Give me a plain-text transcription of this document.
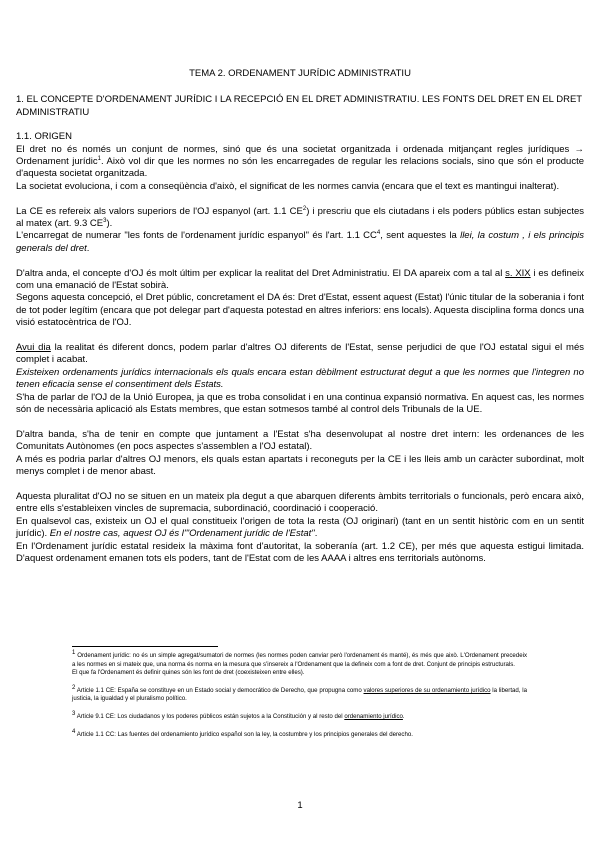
TEMA 2. ORDENAMENT JURÍDIC ADMINISTRATIU
1. EL CONCEPTE D'ORDENAMENT JURÍDIC I LA RECEPCIÓ EN EL DRET ADMINISTRATIU. LES FONTS DEL DRET EN EL DRET ADMINISTRATIU

1.1. ORIGEN

El dret no és només un conjunt de normes, sinó que és una societat organitzada i ordenada mitjançant regles jurídiques → Ordenament jurídic$^1$. Això vol dir que les normes no són les encarregades de regular les relacions socials, sino que són el producte d'aquesta societat organitzada.

La societat evoluciona, i com a conseqüència d'això, el significat de les normes canvia (encara que el text es mantingui inalterat).

La CE es refereix als valors superiors de l'OJ espanyol (art. 1.1 $CE^2$) i prescriu que els ciutadans i els poders públics estan subjectes al matex (art. 9.3 $CE^3$).

L'encarregat de numerar "les fonts de l'ordenament jurídic espanyol" és l'art. 1.1 $CC^4$, sent aquestes la llei, la costum , i els principis generals del dret.

D'altra anda, el concepte d'OJ és molt últim per explicar la realitat del Dret Administratiu. El DA apareix com a tal al s. XIX i es defineix com una emanació de l'Estat sobirà.

Segons aquesta concepció, el Dret públic, concretament el DA és: Dret d'Estat, essent aquest (Estat) l'únic titular de la soberania i font de tot poder legítim (encara que pot delegar part d'aquesta potestad en altres inferiors: ens locals). Aquesta disciplina forma doncs una visió estatocèntrica de l'OJ.

Avui dia la realitat és diferent doncs, podem parlar d'altres OJ diferents de l'Estat, sense perjudici de que l'OJ estatal sigui el més complet i acabat.

Existeixen ordenaments jurídics internacionals els quals encara estan dèbilment estructurat degut a que les normes que l'integren no tenen eficacia sense el consentiment dels Estats.

S'ha de parlar de l'OJ de la Unió Europea, ja que es troba consolidat i en una continua expansió normativa. En aquest cas, les normes són de necessària aplicació als Estats membres, que estan sotmesos també al control dels Tribunals de la UE.

D'altra banda, s'ha de tenir en compte que juntament a l'Estat s'ha desenvolupat al nostre dret intern: les ordenances de les Comunitats Autònomes (en pocs aspectes s'assemblen a l'OJ estatal).

A més es podria parlar d'altres OJ menors, els quals estan apartats i reconeguts per la CE i les lleis amb un caràcter subordinat, molt menys complet i de menor abast.

Aquesta pluralitat d'OJ no se situen en un mateix pla degut a que abarquen diferents àmbits territorials o funcionals, però encara això, entre ells s'estableixen vincles de supremacia, subordinació, coordinació i cooperació.

En qualsevol cas, existeix un OJ el qual constitueix l'origen de tota la resta (OJ originari) (tant en un sentit històric com en un sentit jurídic). En el nostre cas, aquest OJ és l'"Ordenament jurídic de l'Estat".

En l'Ordenament jurídic estatal resideix la màxima font d'autoritat, la soberanía (art. 1.2 CE), per més que aquesta estigui limitada. D'aquest ordenament emanen tots els poders, tant de l'Estat com de les AAAA i altres ens territorials autònoms.

$^1$ Ordenament jurídic: no és un simple agregat/sumatori de normes (les normes poden canviar però l'ordenament és manté), és més que això. L'Ordenament precedeix a les normes en si mateix que, una norma és norma en la mesura que s'insereix a l'Ordenament que la defineix com a font de dret. Conjunt de principis estructurals.

El que fa l'Ordenament és definir quines són les font de dret (coexisteixen entre elles).

$^2$ Article 1.1 CE: España se constituye en un Estado social y democrático de Derecho, que propugna como valores superiores de su ordenamiento jurídico la libertad, la justicia, la igualdad y el pluralismo político.

$^3$ Article 9.1 CE: Los ciudadanos y los poderes públicos están sujetos a la Constitución y al resto del ordenamiento jurídico.

$^4$ Article 1.1 CC: Las fuentes del ordenamiento jurídico español son la ley, la costumbre y los principios generales del derecho.

1
